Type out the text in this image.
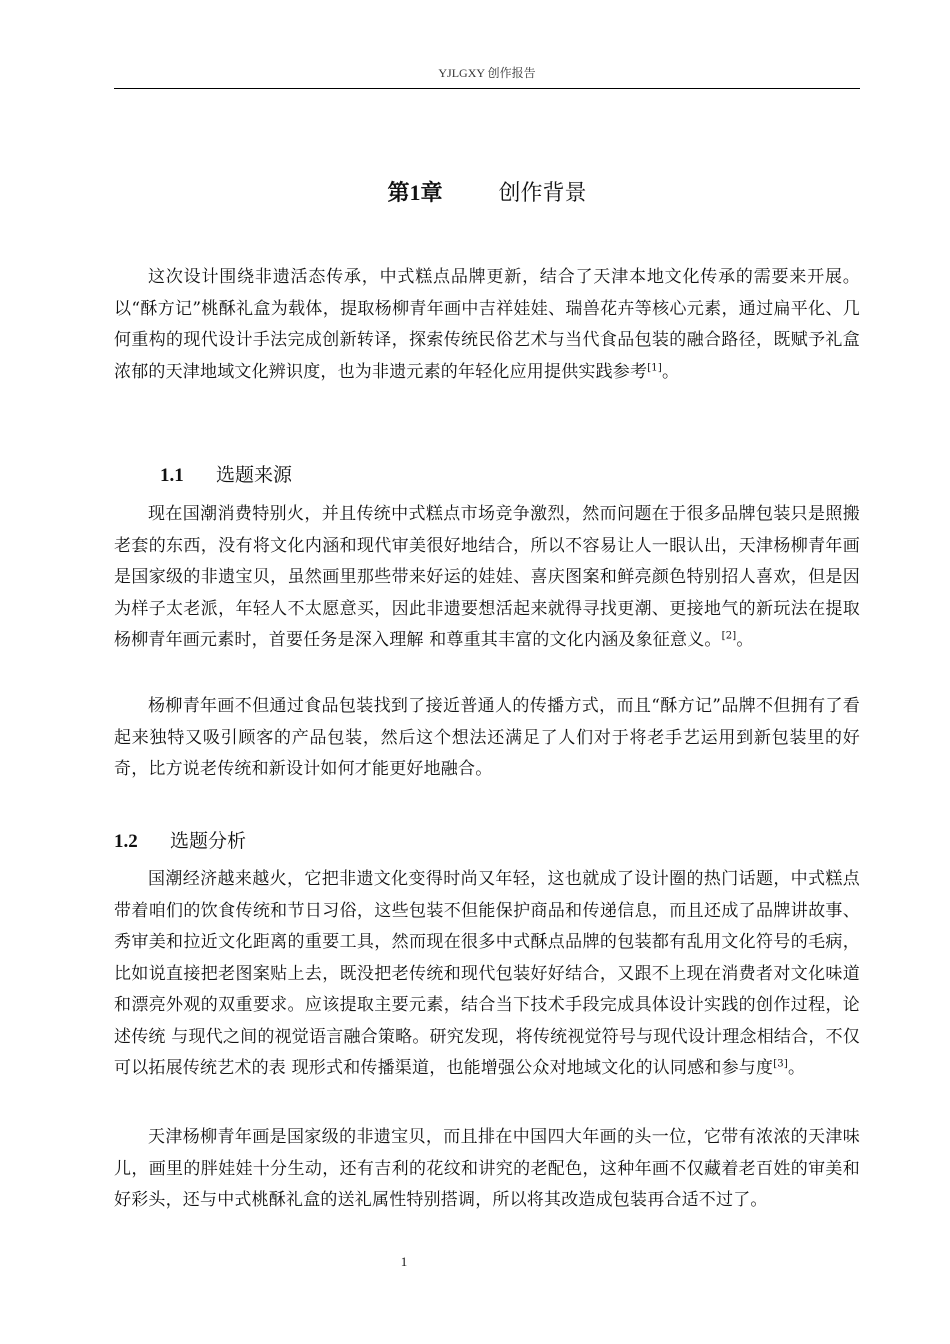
YJLGXY 创作报告
第1章	创作背景
这次设计围绕非遗活态传承，中式糕点品牌更新，结合了天津本地文化传承的需要来开展。以“酥方记”桃酥礼盒为载体，提取杨柳青年画中吉祥娃娃、瑞兽花卉等核心元素，通过扁平化、几何重构的现代设计手法完成创新转译，探索传统民俗艺术与当代食品包装的融合路径，既赋予礼盒浓郁的天津地域文化辨识度，也为非遗元素的年轻化应用提供实践参考[1]。
1.1 选题来源
现在国潮消费特别火，并且传统中式糕点市场竞争激烈，然而问题在于很多品牌包装只是照搬老套的东西，没有将文化内涵和现代审美很好地结合，所以不容易让人一眼认出，天津杨柳青年画是国家级的非遗宝贝，虽然画里那些带来好运的娃娃、喜庆图案和鲜亮颜色特别招人喜欢，但是因为样子太老派，年轻人不太愿意买，因此非遗要想活起来就得寻找更潮、更接地气的新玩法在提取杨柳青年画元素时，首要任务是深入理解 和尊重其丰富的文化内涵及象征意义。[2]。
杨柳青年画不但通过食品包装找到了接近普通人的传播方式，而且“酥方记”品牌不但拥有了看起来独特又吸引顾客的产品包装，然后这个想法还满足了人们对于将老手艺运用到新包装里的好奇，比方说老传统和新设计如何才能更好地融合。
1.2 选题分析
国潮经济越来越火，它把非遗文化变得时尚又年轻，这也就成了设计圈的热门话题，中式糕点带着咱们的饮食传统和节日习俗，这些包装不但能保护商品和传递信息，而且还成了品牌讲故事、秀审美和拉近文化距离的重要工具，然而现在很多中式酥点品牌的包装都有乱用文化符号的毛病，比如说直接把老图案贴上去，既没把老传统和现代包装好好结合，又跟不上现在消费者对文化味道和漂亮外观的双重要求。应该提取主要元素，结合当下技术手段完成具体设计实践的创作过程，论述传统 与现代之间的视觉语言融合策略。研究发现，将传统视觉符号与现代设计理念相结合，不仅可以拓展传统艺术的表 现形式和传播渠道，也能增强公众对地域文化的认同感和参与度[3]。
天津杨柳青年画是国家级的非遗宝贝，而且排在中国四大年画的头一位，它带有浓浓的天津味儿，画里的胖娃娃十分生动，还有吉利的花纹和讲究的老配色，这种年画不仅藏着老百姓的审美和好彩头，还与中式桃酥礼盒的送礼属性特别搭调，所以将其改造成包装再合适不过了。
1
